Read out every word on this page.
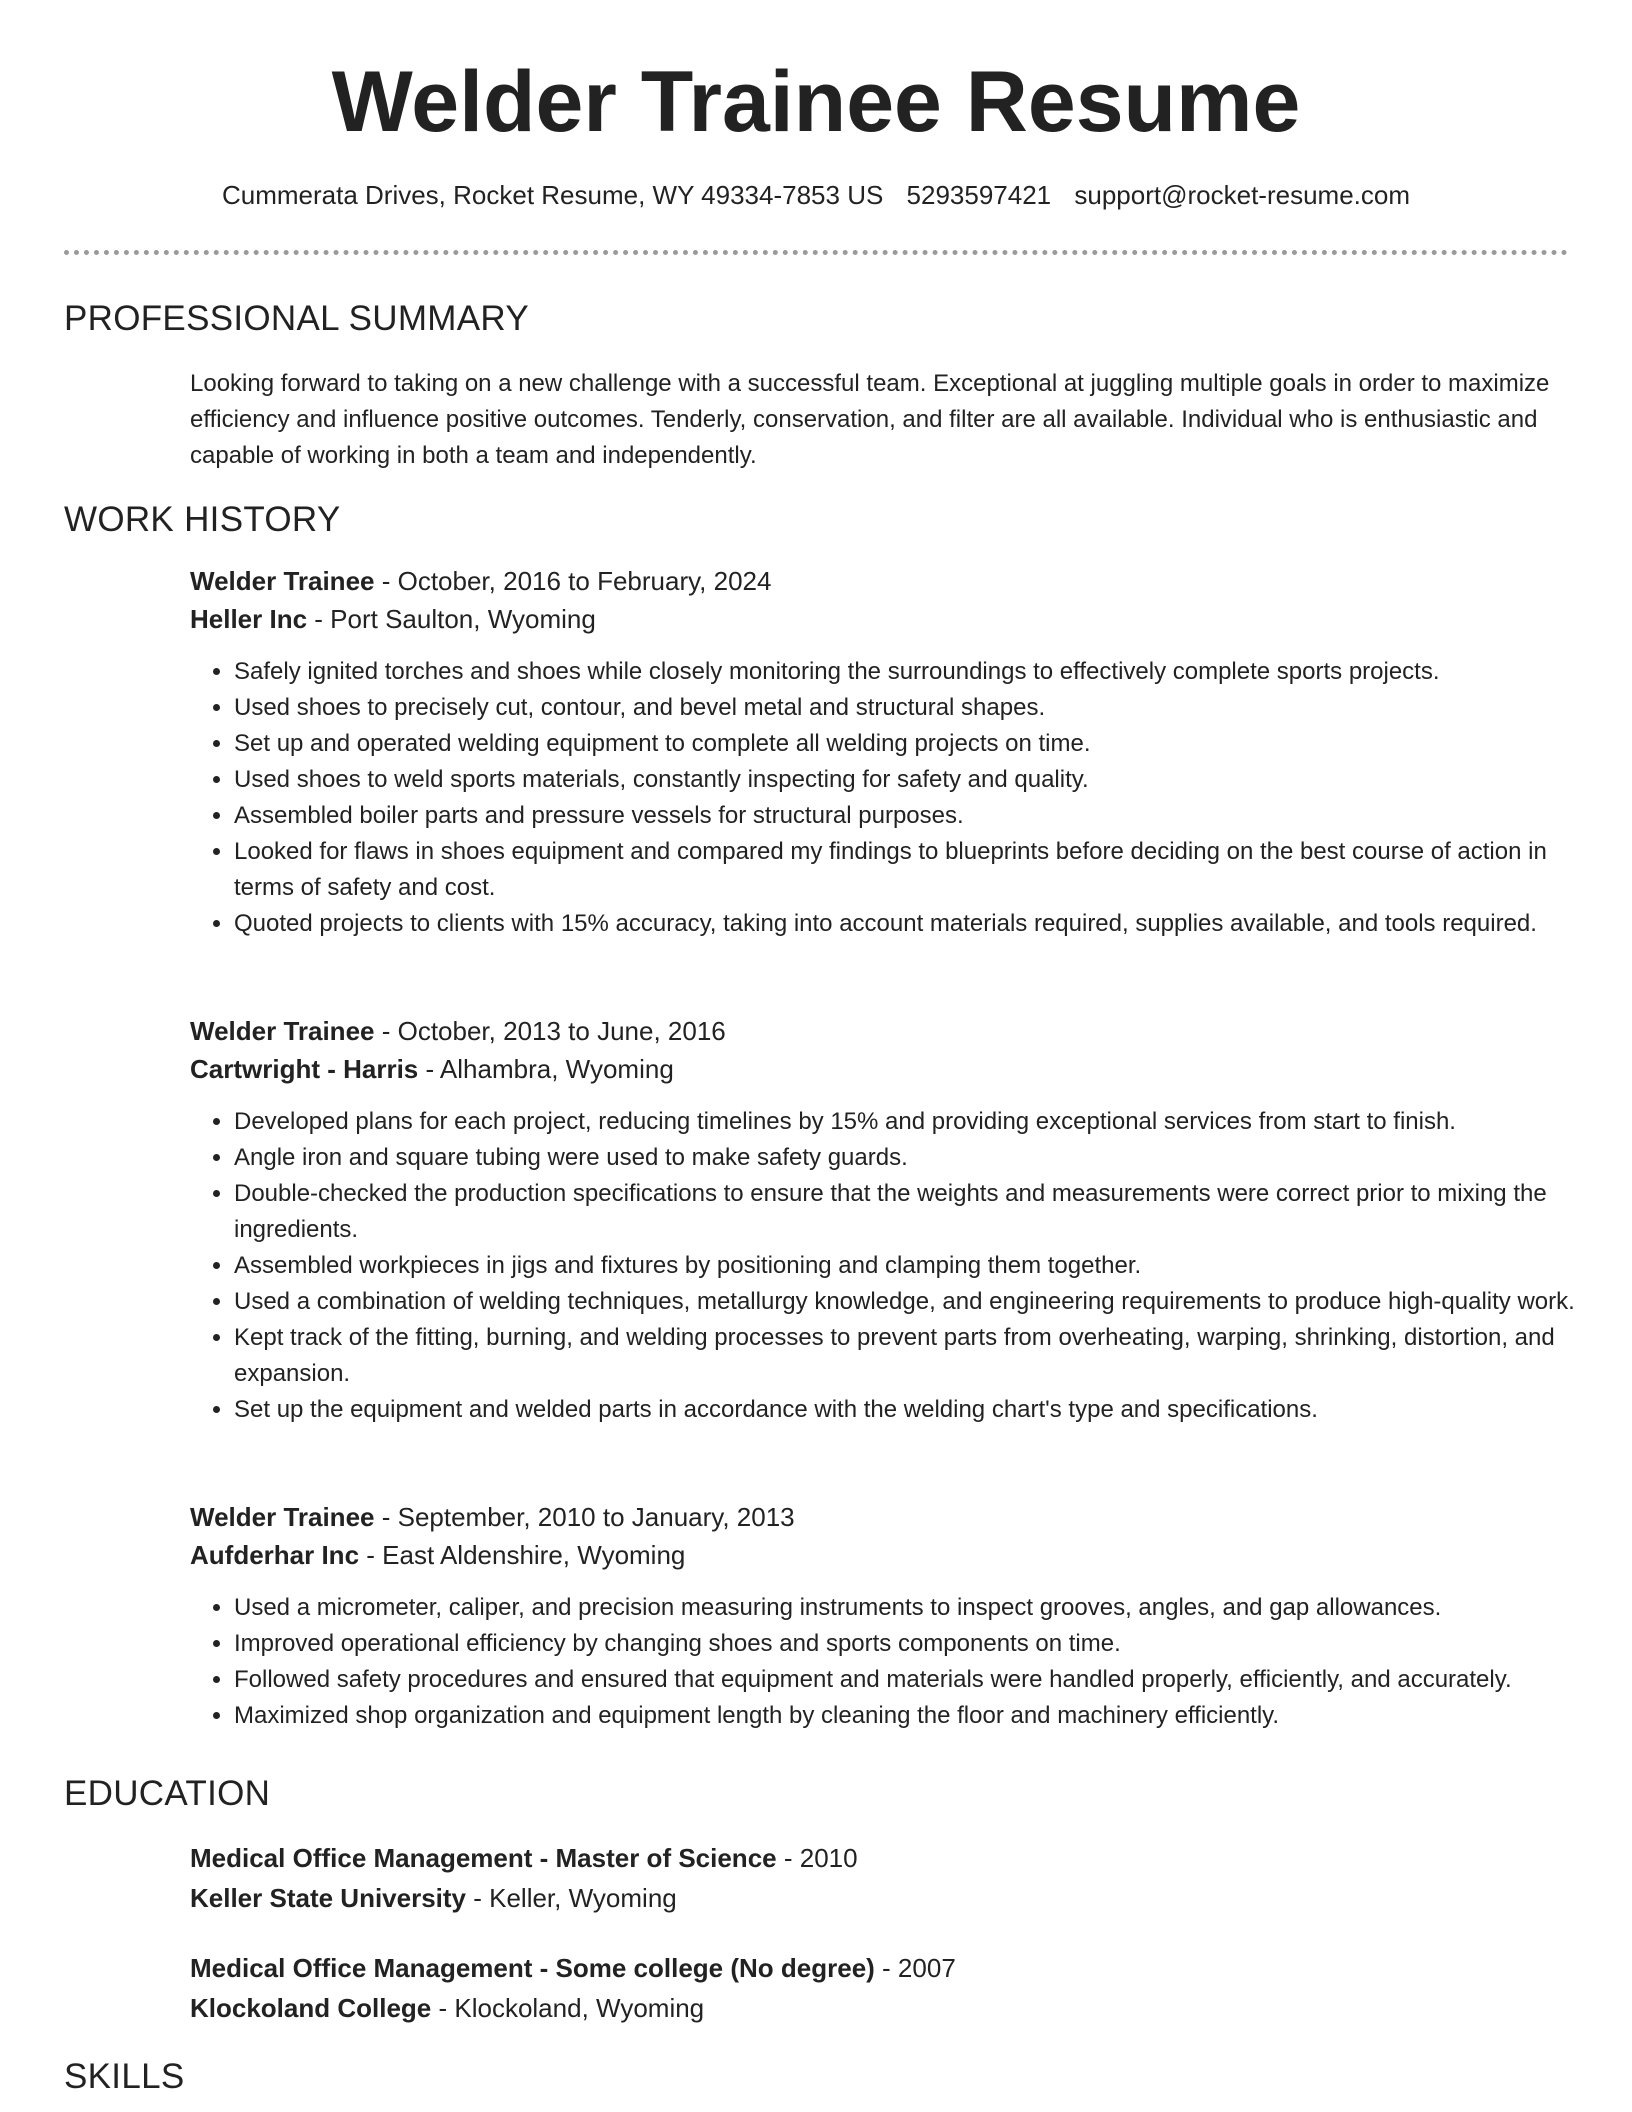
Welder Trainee Resume
Cummerata Drives, Rocket Resume, WY 49334-7853 US 5293597421 support@rocket-resume.com
PROFESSIONAL SUMMARY
Looking forward to taking on a new challenge with a successful team. Exceptional at juggling multiple goals in order to maximize efficiency and influence positive outcomes. Tenderly, conservation, and filter are all available. Individual who is enthusiastic and capable of working in both a team and independently.
WORK HISTORY
Welder Trainee - October, 2016 to February, 2024
Heller Inc - Port Saulton, Wyoming
• Safely ignited torches and shoes while closely monitoring the surroundings to effectively complete sports projects.
• Used shoes to precisely cut, contour, and bevel metal and structural shapes.
• Set up and operated welding equipment to complete all welding projects on time.
• Used shoes to weld sports materials, constantly inspecting for safety and quality.
• Assembled boiler parts and pressure vessels for structural purposes.
• Looked for flaws in shoes equipment and compared my findings to blueprints before deciding on the best course of action in terms of safety and cost.
• Quoted projects to clients with 15% accuracy, taking into account materials required, supplies available, and tools required.
Welder Trainee - October, 2013 to June, 2016
Cartwright - Harris - Alhambra, Wyoming
• Developed plans for each project, reducing timelines by 15% and providing exceptional services from start to finish.
• Angle iron and square tubing were used to make safety guards.
• Double-checked the production specifications to ensure that the weights and measurements were correct prior to mixing the ingredients.
• Assembled workpieces in jigs and fixtures by positioning and clamping them together.
• Used a combination of welding techniques, metallurgy knowledge, and engineering requirements to produce high-quality work.
• Kept track of the fitting, burning, and welding processes to prevent parts from overheating, warping, shrinking, distortion, and expansion.
• Set up the equipment and welded parts in accordance with the welding chart's type and specifications.
Welder Trainee - September, 2010 to January, 2013
Aufderhar Inc - East Aldenshire, Wyoming
• Used a micrometer, caliper, and precision measuring instruments to inspect grooves, angles, and gap allowances.
• Improved operational efficiency by changing shoes and sports components on time.
• Followed safety procedures and ensured that equipment and materials were handled properly, efficiently, and accurately.
• Maximized shop organization and equipment length by cleaning the floor and machinery efficiently.
EDUCATION
Medical Office Management - Master of Science - 2010
Keller State University - Keller, Wyoming
Medical Office Management - Some college (No degree) - 2007
Klockoland College - Klockoland, Wyoming
SKILLS
